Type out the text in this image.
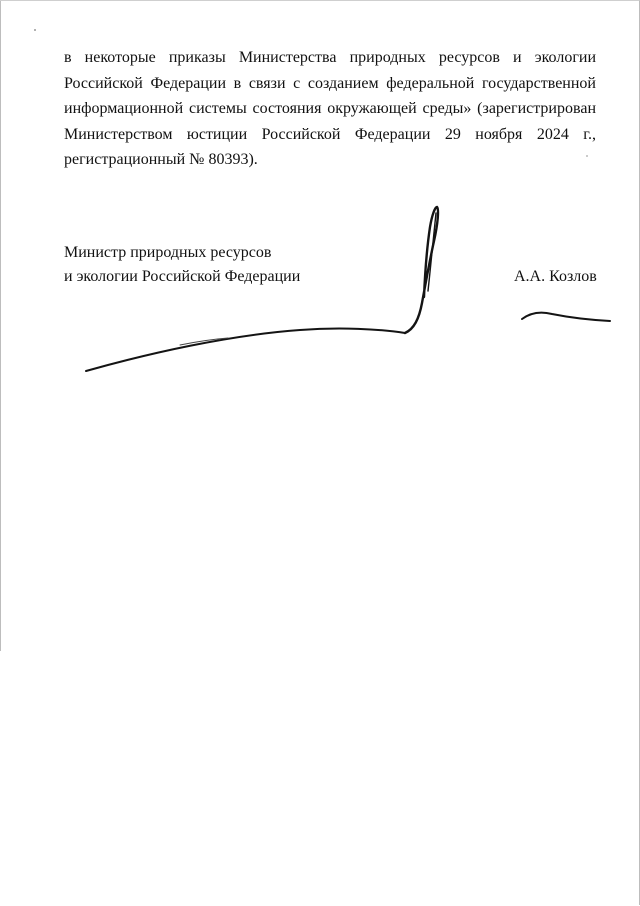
в некоторые приказы Министерства природных ресурсов и экологии
Российской Федерации в связи с созданием федеральной государственной
информационной системы состояния окружающей среды» (зарегистрирован
Министерством юстиции Российской Федерации 29 ноября 2024 г.,
регистрационный № 80393).
Министр природных ресурсов
и экологии Российской Федерации	А.А. Козлов
